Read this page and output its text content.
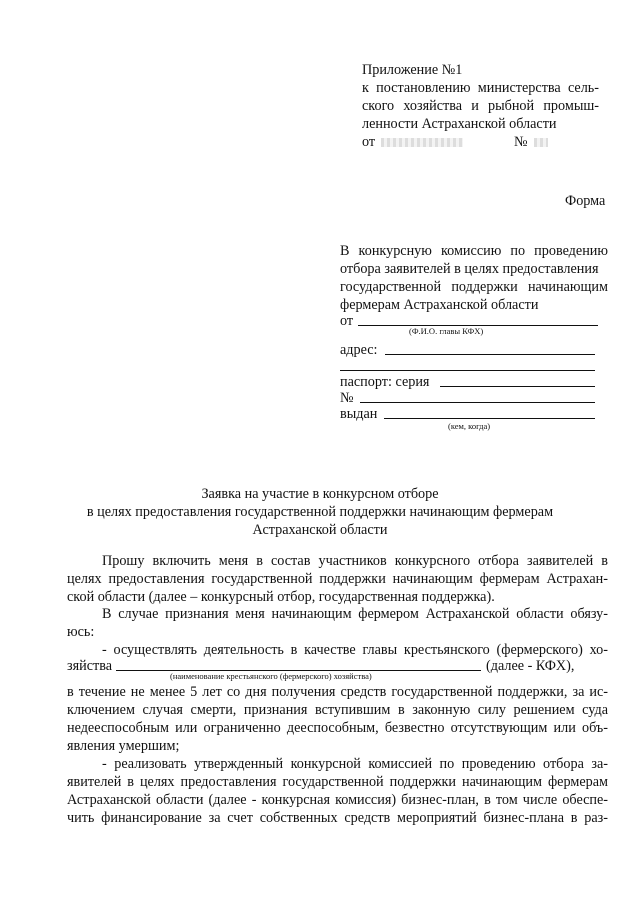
Приложение №1
к постановлению министерства сель-
ского хозяйства и рыбной промыш-
ленности Астраханской области
от	№
Форма
В конкурсную комиссию по проведению
отбора заявителей в целях предоставления
государственной поддержки начинающим
фермерам Астраханской области
от
(Ф.И.О. главы КФХ)
адрес:
паспорт: серия
№
выдан
(кем, когда)
Заявка на участие в конкурсном отборе
в целях предоставления государственной поддержки начинающим фермерам
Астраханской области
Прошу включить меня в состав участников конкурсного отбора заявителей в
целях предоставления государственной поддержки начинающим фермерам Астрахан-
ской области (далее – конкурсный отбор, государственная поддержка).
В случае признания меня начинающим фермером Астраханской области обязу-
юсь:
- осуществлять деятельность в качестве главы крестьянского (фермерского) хо-
зяйства	(далее - КФХ),
(наименование крестьянского (фермерского) хозяйства)
в течение не менее 5 лет со дня получения средств государственной поддержки, за ис-
ключением случая смерти, признания вступившим в законную силу решением суда
недееспособным или ограниченно дееспособным, безвестно отсутствующим или объ-
явления умершим;
- реализовать утвержденный конкурсной комиссией по проведению отбора за-
явителей в целях предоставления государственной поддержки начинающим фермерам
Астраханской области (далее - конкурсная комиссия) бизнес-план, в том числе обеспе-
чить финансирование за счет собственных средств мероприятий бизнес-плана в раз-
